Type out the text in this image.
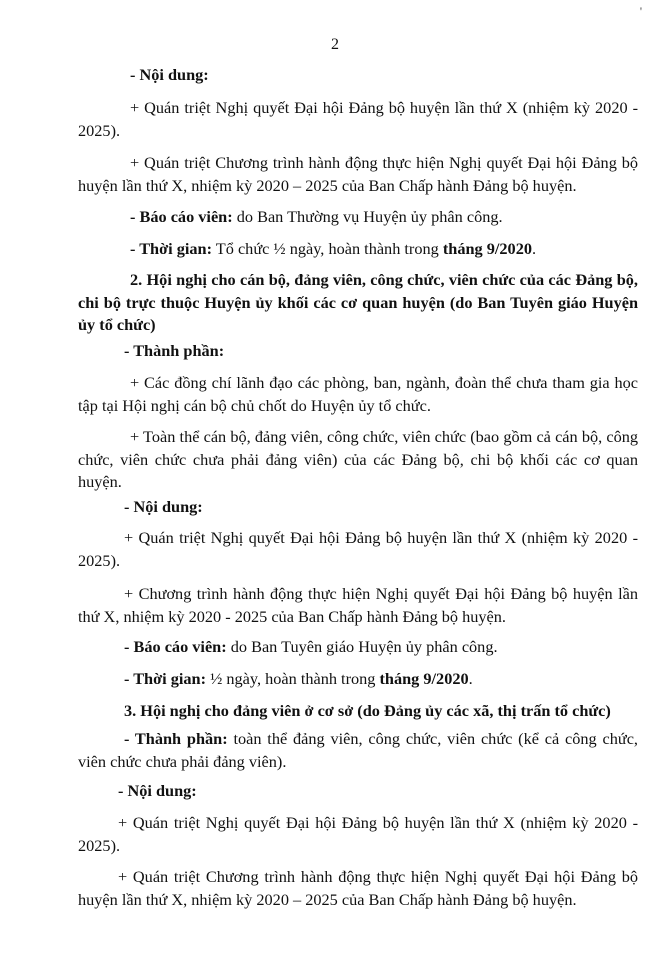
'
2

- Nội dung:

+ Quán triệt Nghị quyết Đại hội Đảng bộ huyện lần thứ X (nhiệm kỳ 2020 - 2025).

+ Quán triệt Chương trình hành động thực hiện Nghị quyết Đại hội Đảng bộ huyện lần thứ X, nhiệm kỳ 2020 – 2025 của Ban Chấp hành Đảng bộ huyện.

- Báo cáo viên: do Ban Thường vụ Huyện ủy phân công.

- Thời gian: Tổ chức ½ ngày, hoàn thành trong tháng 9/2020.

2. Hội nghị cho cán bộ, đảng viên, công chức, viên chức của các Đảng bộ, chi bộ trực thuộc Huyện ủy khối các cơ quan huyện (do Ban Tuyên giáo Huyện ủy tổ chức)

- Thành phần:

+ Các đồng chí lãnh đạo các phòng, ban, ngành, đoàn thể chưa tham gia học tập tại Hội nghị cán bộ chủ chốt do Huyện ủy tổ chức.

+ Toàn thể cán bộ, đảng viên, công chức, viên chức (bao gồm cả cán bộ, công chức, viên chức chưa phải đảng viên) của các Đảng bộ, chi bộ khối các cơ quan huyện.

- Nội dung:

+ Quán triệt Nghị quyết Đại hội Đảng bộ huyện lần thứ X (nhiệm kỳ 2020 - 2025).

+ Chương trình hành động thực hiện Nghị quyết Đại hội Đảng bộ huyện lần thứ X, nhiệm kỳ 2020 - 2025 của Ban Chấp hành Đảng bộ huyện.

- Báo cáo viên: do Ban Tuyên giáo Huyện ủy phân công.

- Thời gian: ½ ngày, hoàn thành trong tháng 9/2020.

3. Hội nghị cho đảng viên ở cơ sở (do Đảng ủy các xã, thị trấn tổ chức)

- Thành phần: toàn thể đảng viên, công chức, viên chức (kể cả công chức, viên chức chưa phải đảng viên).

- Nội dung:

+ Quán triệt Nghị quyết Đại hội Đảng bộ huyện lần thứ X (nhiệm kỳ 2020 - 2025).

+ Quán triệt Chương trình hành động thực hiện Nghị quyết Đại hội Đảng bộ huyện lần thứ X, nhiệm kỳ 2020 – 2025 của Ban Chấp hành Đảng bộ huyện.
